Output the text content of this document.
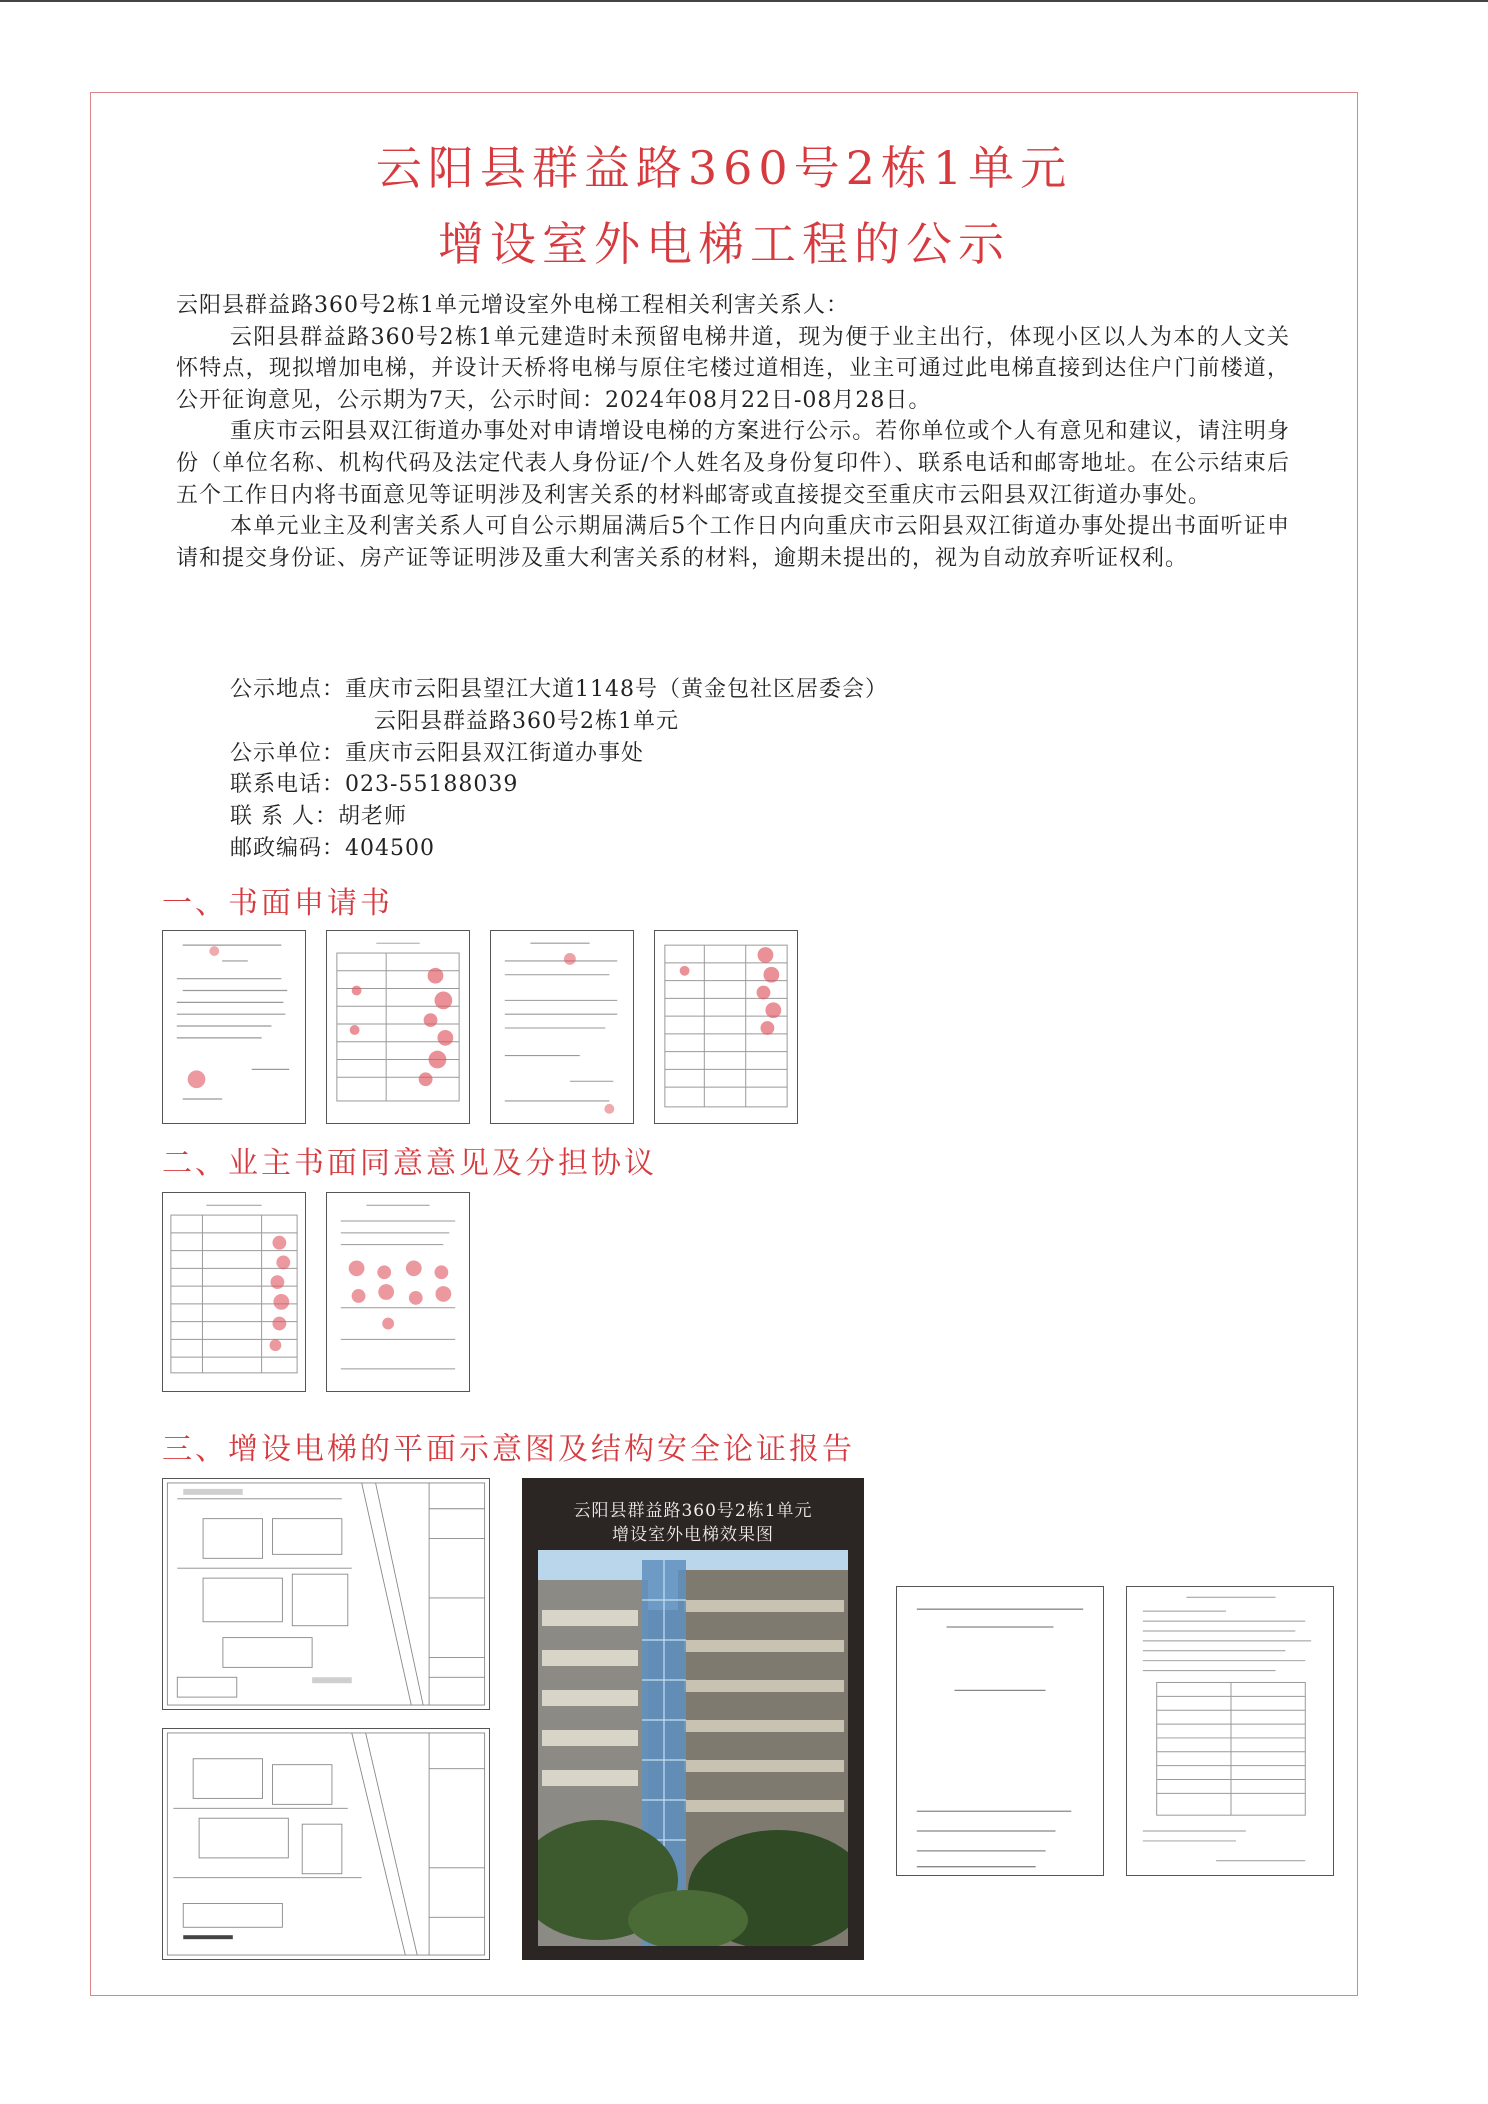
云阳县群益路360号2栋1单元
增设室外电梯工程的公示

云阳县群益路360号2栋1单元增设室外电梯工程相关利害关系人：

云阳县群益路360号2栋1单元建造时未预留电梯井道，现为便于业主出行，体现小区以人为本的人文关怀特点，现拟增加电梯，并设计天桥将电梯与原住宅楼过道相连，业主可通过此电梯直接到达住户门前楼道，公开征询意见，公示期为7天，公示时间：2024年08月22日-08月28日。

重庆市云阳县双江街道办事处对申请增设电梯的方案进行公示。若你单位或个人有意见和建议，请注明身份（单位名称、机构代码及法定代表人身份证/个人姓名及身份复印件）、联系电话和邮寄地址。在公示结束后五个工作日内将书面意见等证明涉及利害关系的材料邮寄或直接提交至重庆市云阳县双江街道办事处。

本单元业主及利害关系人可自公示期届满后5个工作日内向重庆市云阳县双江街道办事处提出书面听证申请和提交身份证、房产证等证明涉及重大利害关系的材料，逾期未提出的，视为自动放弃听证权利。

公示地点：重庆市云阳县望江大道1148号（黄金包社区居委会）
云阳县群益路360号2栋1单元
公示单位：重庆市云阳县双江街道办事处
联系电话：023-55188039
联 系 人：胡老师
邮政编码：404500
一、书面申请书
二、业主书面同意意见及分担协议
三、增设电梯的平面示意图及结构安全论证报告
云阳县群益路360号2栋1单元
增设室外电梯效果图
